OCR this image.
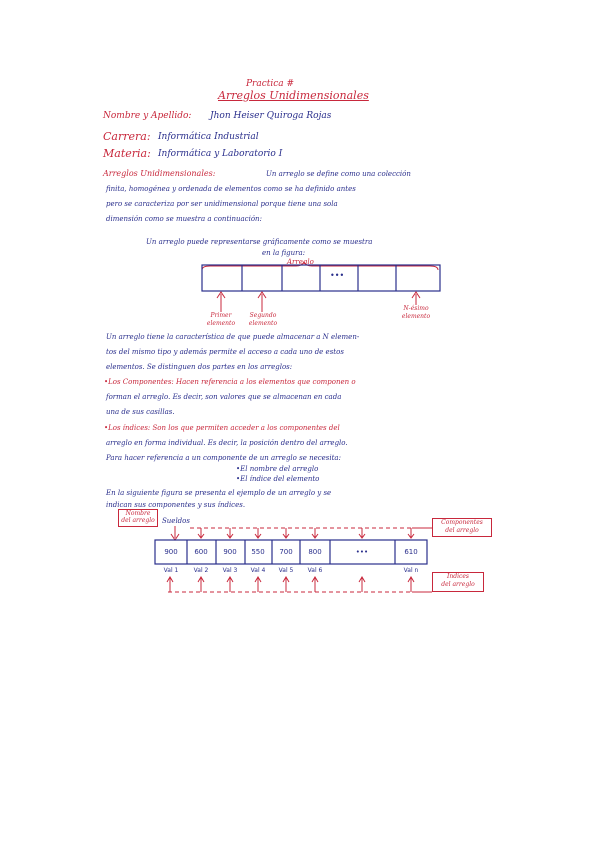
Practica #
Arreglos Unidimensionales
Nombre y Apellido: Jhon Heiser Quiroga Rojas
Carrera: Informática Industrial
Materia: Informática y Laboratorio I
Arreglos Unidimensionales:	Un arreglo se define como una colección
finita, homogénea y ordenada de elementos como se ha definido antes
pero se caracteriza por ser unidimensional porque tiene una sola
dimensión como se muestra a continuación:
Un arreglo puede representarse gráficamente como se muestra
en la figura:
Arreglo
•••
Primer
elemento
Segundo
elemento
N-ésimo
elemento
Un arreglo tiene la característica de que puede almacenar a N elemen-
tos del mismo tipo y además permite el acceso a cada uno de estos
elementos. Se distinguen dos partes en los arreglos:
•Los Componentes: Hacen referencia a los elementos que componen o
forman el arreglo. Es decir, son valores que se almacenan en cada
una de sus casillas.
•Los índices: Son los que permiten acceder a los componentes del
arreglo en forma individual. Es decir, la posición dentro del arreglo.
Para hacer referencia a un componente de un arreglo se necesita:
•El nombre del arreglo
•El índice del elemento
En la siguiente figura se presenta el ejemplo de un arreglo y se
indican sus componentes y sus índices.
Nombre
del arreglo	Sueldos	Componentes
del arreglo
Índices
del arreglo
900	600	900	550	700	800	•••	610
Val 1	Val 2	Val 3	Val 4	Val 5	Val 6	Val n
